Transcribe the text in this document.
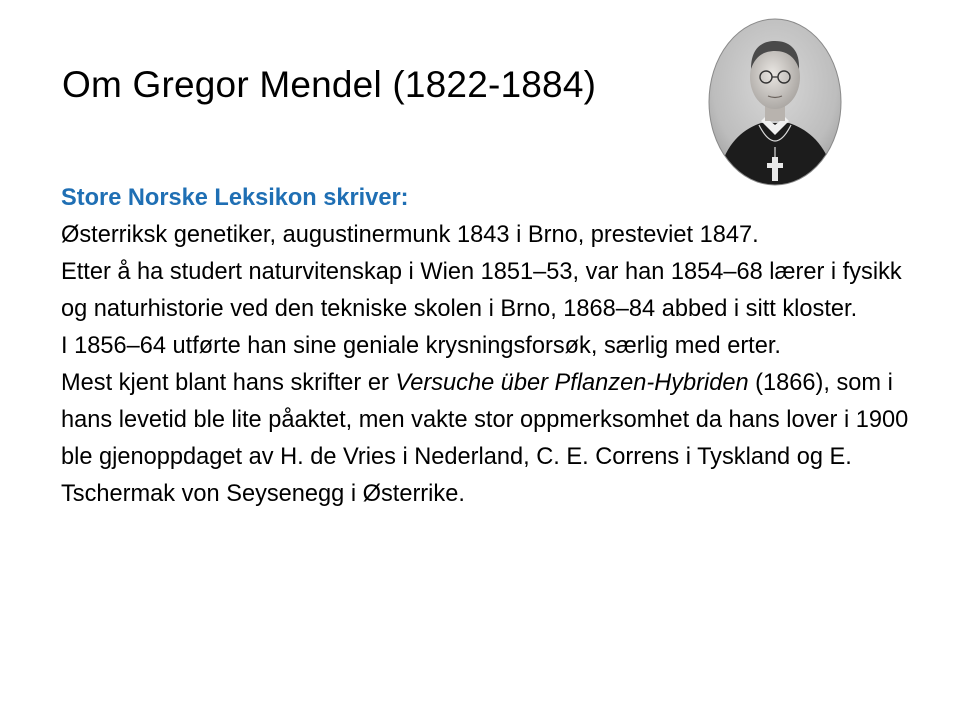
Om Gregor Mendel (1822-1884)

Store Norske Leksikon skriver:

Østerriksk genetiker, augustinermunk 1843 i Brno, presteviet 1847.

Etter å ha studert naturvitenskap i Wien 1851–53, var han 1854–68 lærer i fysikk og naturhistorie ved den tekniske skolen i Brno, 1868–84 abbed i sitt kloster.

I 1856–64 utførte han sine geniale krysningsforsøk, særlig med erter.

Mest kjent blant hans skrifter er Versuche über Pflanzen-Hybriden (1866), som i hans levetid ble lite påaktet, men vakte stor oppmerksomhet da hans lover i 1900 ble gjenoppdaget av H. de Vries i Nederland, C. E. Correns i Tyskland og E. Tschermak von Seysenegg i Østerrike.
